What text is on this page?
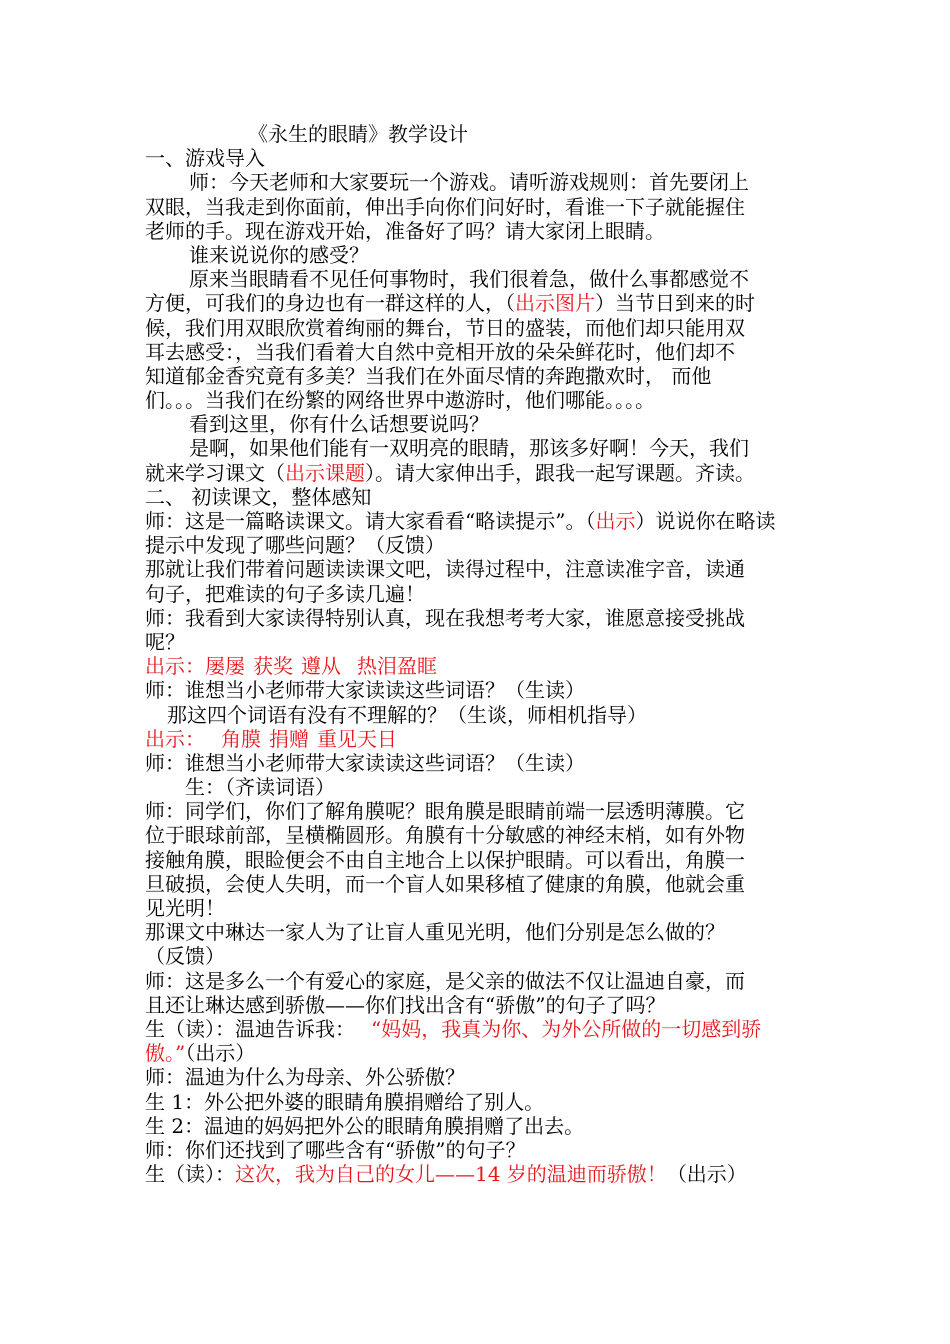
《永生的眼睛》教学设计
一、游戏导入
师：今天老师和大家要玩一个游戏。请听游戏规则：首先要闭上
双眼，当我走到你面前，伸出手向你们问好时，看谁一下子就能握住
老师的手。现在游戏开始，准备好了吗？请大家闭上眼睛。
谁来说说你的感受？
原来当眼睛看不见任何事物时，我们很着急，做什么事都感觉不
方便，可我们的身边也有一群这样的人，（出示图片）当节日到来的时
候，我们用双眼欣赏着绚丽的舞台，节日的盛装，而他们却只能用双
耳去感受：，当我们看着大自然中竞相开放的朵朵鲜花时，他们却不
知道郁金香究竟有多美？当我们在外面尽情的奔跑撒欢时， 而他
们。。。当我们在纷繁的网络世界中遨游时，他们哪能。。。。
看到这里，你有什么话想要说吗？
是啊，如果他们能有一双明亮的眼睛，那该多好啊！今天，我们
就来学习课文（出示课题）。请大家伸出手，跟我一起写课题。齐读。
二、 初读课文，整体感知
师：这是一篇略读课文。请大家看看“略读提示”。（出示）说说你在略读
提示中发现了哪些问题？（反馈）
那就让我们带着问题读读课文吧，读得过程中，注意读准字音，读通
句子，把难读的句子多读几遍！
师：我看到大家读得特别认真，现在我想考考大家，谁愿意接受挑战
呢？
出示：屡屡 获奖 遵从 热泪盈眶
师：谁想当小老师带大家读读这些词语？（生读）
那这四个词语有没有不理解的？（生谈，师相机指导）
出示： 角膜 捐赠 重见天日
师：谁想当小老师带大家读读这些词语？（生读）
生：（齐读词语）
师：同学们，你们了解角膜呢？眼角膜是眼睛前端一层透明薄膜。它
位于眼球前部，呈横椭圆形。角膜有十分敏感的神经末梢，如有外物
接触角膜，眼睑便会不由自主地合上以保护眼睛。可以看出，角膜一
旦破损，会使人失明，而一个盲人如果移植了健康的角膜，他就会重
见光明！
那课文中琳达一家人为了让盲人重见光明，他们分别是怎么做的？
（反馈）
师：这是多么一个有爱心的家庭，是父亲的做法不仅让温迪自豪，而
且还让琳达感到骄傲——你们找出含有“骄傲”的句子了吗？
生（读）：温迪告诉我： “妈妈，我真为你、为外公所做的一切感到骄
傲。”（出示）
师：温迪为什么为母亲、外公骄傲？
生 1：外公把外婆的眼睛角膜捐赠给了别人。
生 2：温迪的妈妈把外公的眼睛角膜捐赠了出去。
师：你们还找到了哪些含有“骄傲”的句子？
生（读）：这次，我为自己的女儿——14 岁的温迪而骄傲！（出示）
